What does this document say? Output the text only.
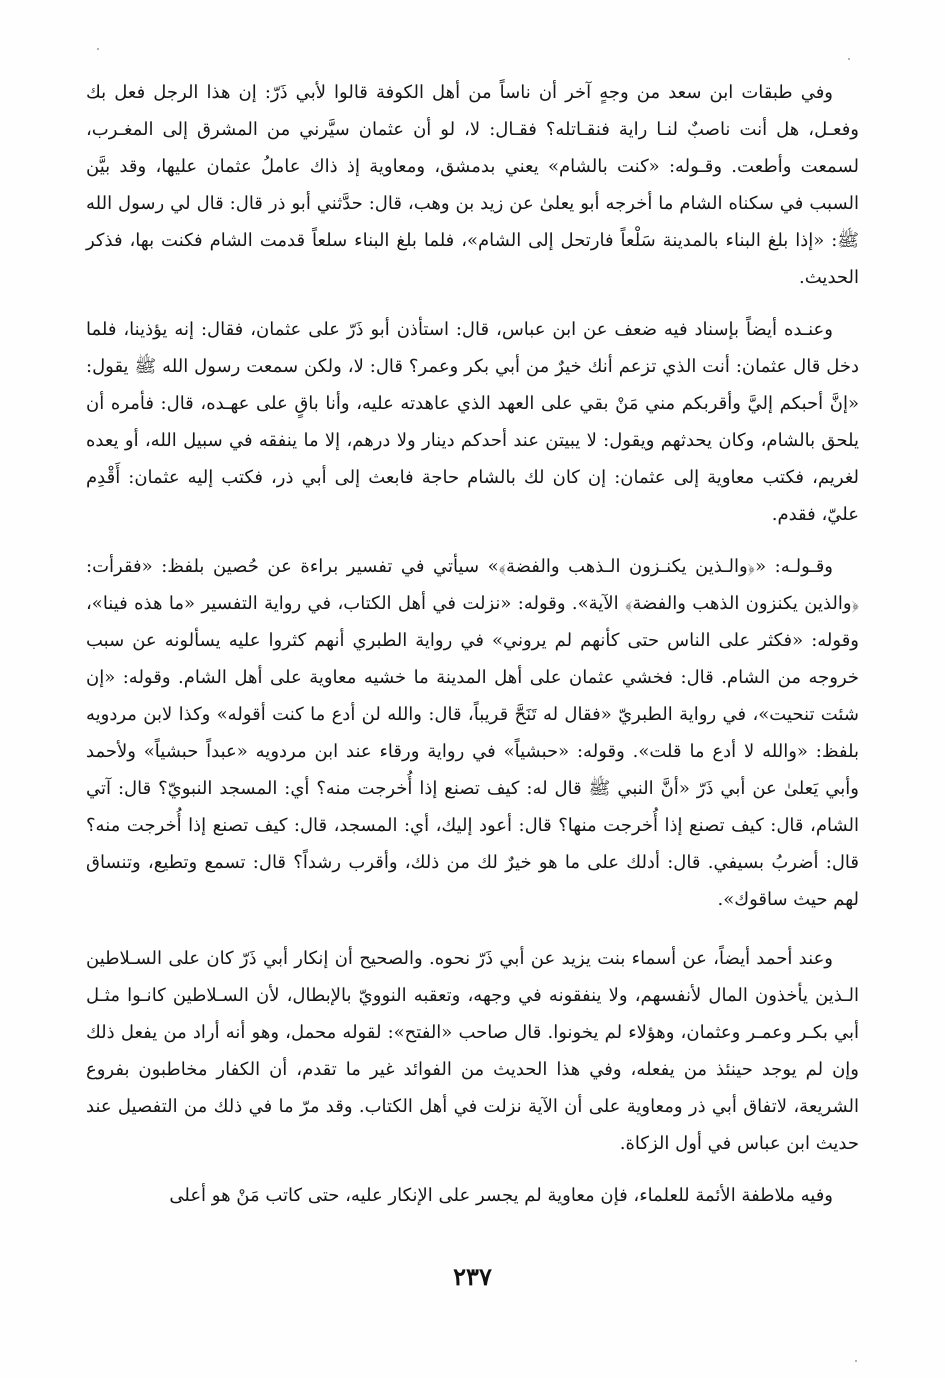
وفي طبقات ابن سعد من وجهٍ آخر أن ناساً من أهل الكوفة قالوا لأبي ذَرّ: إن هذا الرجل فعل بك وفعـل، هل أنت ناصبٌ لنـا راية فنقـاتله؟ فقـال: لا، لو أن عثمان سيَّرني من المشرق إلى المغـرب، لسمعت وأطعت. وقـوله: «كنت بالشام» يعني بدمشق، ومعاوية إذ ذاك عاملُ عثمان عليها، وقد بيَّن السبب في سكناه الشام ما أخرجه أبو يعلىٰ عن زيد بن وهب، قال: حدَّثني أبو ذر قال: قال لي رسول الله ﷺ: «إذا بلغ البناء بالمدينة سَلْعاً فارتحل إلى الشام»، فلما بلغ البناء سلعاً قدمت الشام فكنت بها، فذكر الحديث.

وعنـده أيضاً بإسناد فيه ضعف عن ابن عباس، قال: استأذن أبو ذَرّ على عثمان، فقال: إنه يؤذينا، فلما دخل قال عثمان: أنت الذي تزعم أنك خيرٌ من أبي بكر وعمر؟ قال: لا، ولكن سمعت رسول الله ﷺ يقول: «إنَّ أحبكم إليَّ وأقربكم مني مَنْ بقي على العهد الذي عاهدته عليه، وأنا باقٍ على عهـده، قال: فأمره أن يلحق بالشام، وكان يحدثهم ويقول: لا يبيتن عند أحدكم دينار ولا درهم، إلا ما ينفقه في سبيل الله، أو يعده لغريم، فكتب معاوية إلى عثمان: إن كان لك بالشام حاجة فابعث إلى أبي ذر، فكتب إليه عثمان: أَقْدِم عليّ، فقدم.

وقـولـه: «﴿والـذين يكنـزون الـذهب والفضة﴾» سيأتي في تفسير براءة عن حُصين بلفظ: «فقرأت: ﴿والذين يكنزون الذهب والفضة﴾ الآية». وقوله: «نزلت في أهل الكتاب، في رواية التفسير «ما هذه فينا»، وقوله: «فكثر على الناس حتى كأنهم لم يروني» في رواية الطبري أنهم كثروا عليه يسألونه عن سبب خروجه من الشام. قال: فخشي عثمان على أهل المدينة ما خشيه معاوية على أهل الشام. وقوله: «إن شئت تنحيت»، في رواية الطبريّ «فقال له تَنَحَّ قريباً، قال: والله لن أدع ما كنت أقوله» وكذا لابن مردويه بلفظ: «والله لا أدع ما قلت». وقوله: «حبشياً» في رواية ورقاء عند ابن مردويه «عبداً حبشياً» ولأحمد وأبي يَعلىٰ عن أبي ذَرّ «أنَّ النبي ﷺ قال له: كيف تصنع إذا أُخرجت منه؟ أي: المسجد النبويّ؟ قال: آتي الشام، قال: كيف تصنع إذا أُخرجت منها؟ قال: أعود إليك، أي: المسجد، قال: كيف تصنع إذا أُخرجت منه؟ قال: أضربُ بسيفي. قال: أدلك على ما هو خيرٌ لك من ذلك، وأقرب رشداً؟ قال: تسمع وتطيع، وتنساق لهم حيث ساقوك».

وعند أحمد أيضاً، عن أسماء بنت يزيد عن أبي ذَرّ نحوه. والصحيح أن إنكار أبي ذَرّ كان على السـلاطين الـذين يأخذون المال لأنفسهم، ولا ينفقونه في وجهه، وتعقبه النوويّ بالإبطال، لأن السـلاطين كانـوا مثـل أبي بكـر وعمـر وعثمان، وهؤلاء لم يخونوا. قال صاحب «الفتح»: لقوله محمل، وهو أنه أراد من يفعل ذلك وإن لم يوجد حينئذ من يفعله، وفي هذا الحديث من الفوائد غير ما تقدم، أن الكفار مخاطبون بفروع الشريعة، لاتفاق أبي ذر ومعاوية على أن الآية نزلت في أهل الكتاب. وقد مرّ ما في ذلك من التفصيل عند حديث ابن عباس في أول الزكاة.

وفيه ملاطفة الأئمة للعلماء، فإن معاوية لم يجسر على الإنكار عليه، حتى كاتب مَنْ هو أعلى

٢٣٧
